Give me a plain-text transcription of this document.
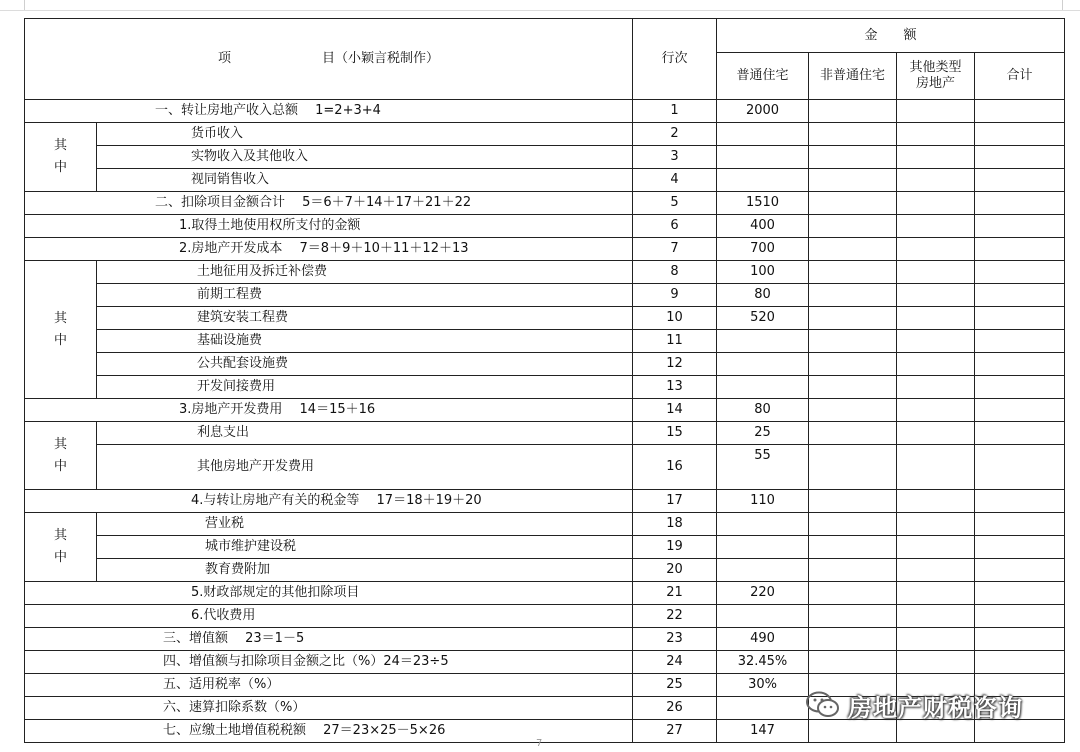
项　　　　　　　目（小颖言税制作）		行次	金　　额			
			普通住宅	非普通住宅	其他类型
房地产	合计
一、转让房地产收入总额　 1=2+3+4		1	2000			
其
中	货币收入	2				
	实物收入及其他收入	3				
	视同销售收入	4				
二、扣除项目金额合计　 5＝6＋7＋14＋17＋21＋22		5	1510			
1.取得土地使用权所支付的金额		6	400			
2.房地产开发成本　 7＝8＋9＋10＋11＋12＋13		7	700			
其
中	土地征用及拆迁补偿费	8	100			
	前期工程费	9	80			
	建筑安装工程费	10	520			
	基础设施费	11				
	公共配套设施费	12				
	开发间接费用	13				
3.房地产开发费用　 14＝15＋16		14	80			
其
中	利息支出	15	25			
	其他房地产开发费用	16	55			
4.与转让房地产有关的税金等　 17＝18＋19＋20		17	110			
其
中	营业税	18				
	城市维护建设税	19				
	教育费附加	20				
5.财政部规定的其他扣除项目		21	220			
6.代收费用		22				
三、增值额　 23＝1－5		23	490			
四、增值额与扣除项目金额之比（%）24＝23÷5		24	32.45%			
五、适用税率（%）		25	30%			
六、速算扣除系数（%）		26				
七、应缴土地增值税税额　 27＝23×25－5×26		27	147			
7
房地产财税咨询
